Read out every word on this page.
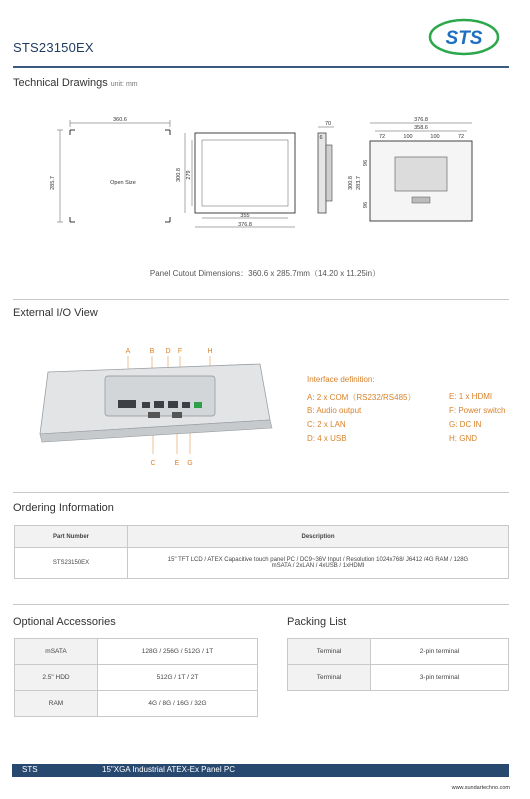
STS23150EX	STS
Technical Drawings unit: mm
360.6
285.7	Open Size
300.8 279
355
376.8
70
6
376.8
358.6
72	100	100	72
300.8 283.7
96
96
Panel Cutout Dimensions：360.6 x 285.7mm（14.20 x 11.25in）
External I/O View
A	B D F	H
C	E G
Interface definition:
A: 2 x COM（RS232/RS485）
B: Audio output
C: 2 x LAN
D: 4 x USB
E: 1 x HDMI
F: Power switch
G: DC IN
H: GND
Ordering Information
Part Number	Description
STS23150EX	15" TFT LCD / ATEX Capacitive touch panel PC / DC9~36V Input / Resolution 1024x768/ J6412 /4G RAM / 128G
mSATA / 2xLAN / 4xUSB / 1xHDMI
Optional Accessories
mSATA	128G / 256G / 512G / 1T
2.5" HDD	512G / 1T / 2T
RAM	4G / 8G / 16G / 32G
Packing List
Terminal	2-pin terminal
Terminal	3-pin terminal
STS	15"XGA Industrial ATEX-Ex Panel PC
www.sundartechno.com
